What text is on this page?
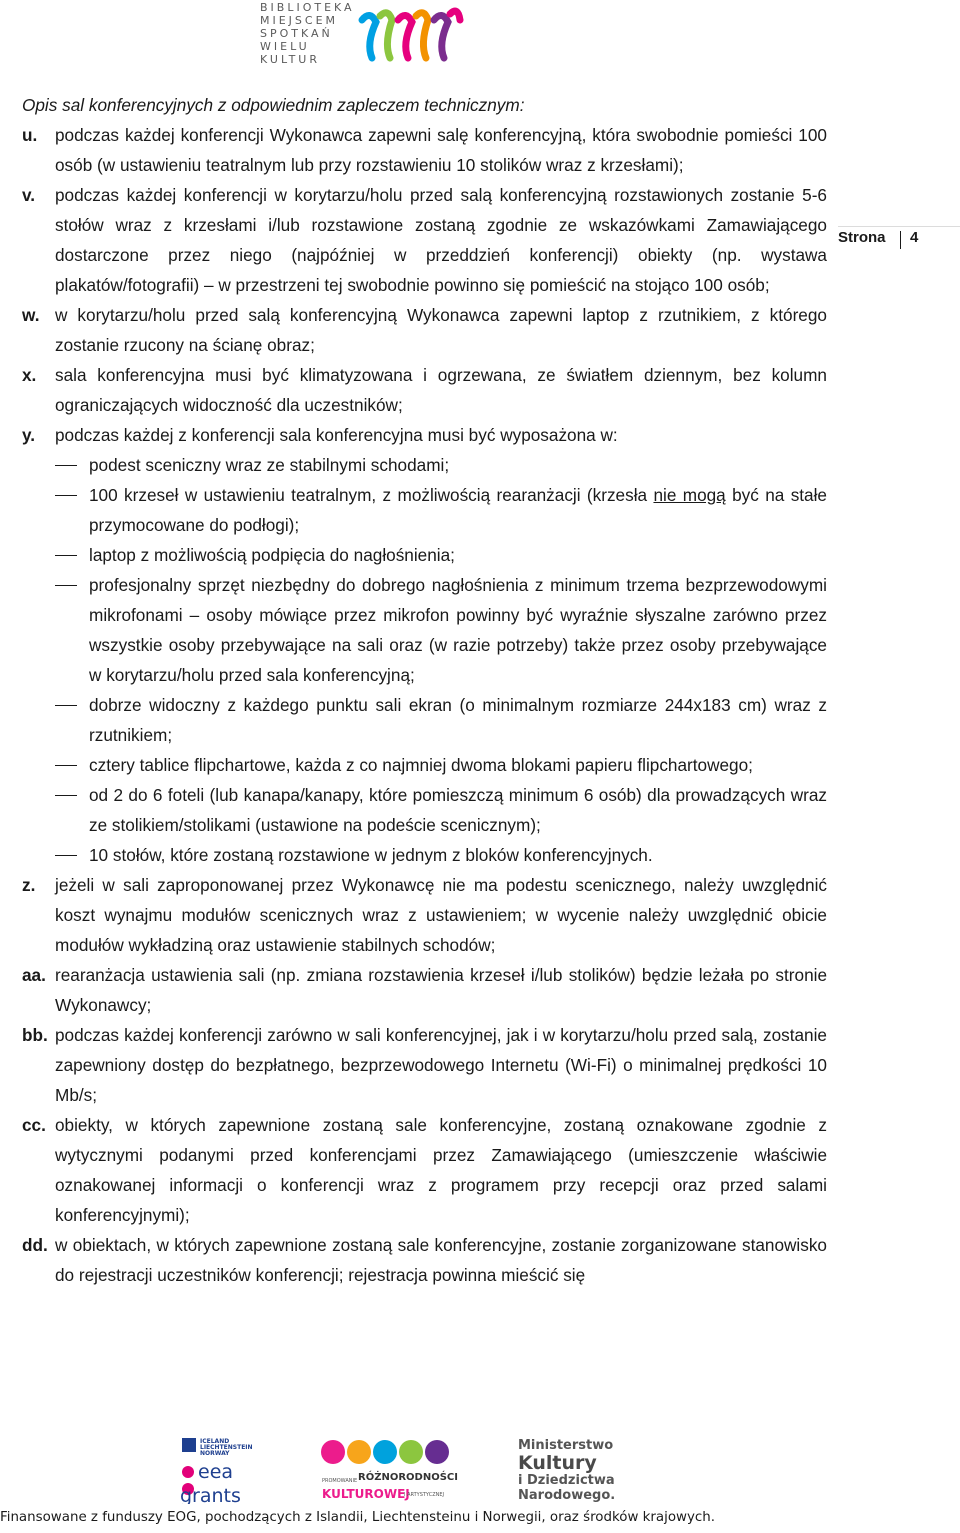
BIBLIOTEKA
MIEJSCEM
SPOTKAŃ
WIELU
KULTUR
Opis sal konferencyjnych z odpowiednim zapleczem technicznym:
u. podczas każdej konferencji Wykonawca zapewni salę konferencyjną, która swobodnie pomieści 100 osób (w ustawieniu teatralnym lub przy rozstawieniu 10 stolików wraz z krzesłami);
v. podczas każdej konferencji w korytarzu/holu przed salą konferencyjną rozstawionych zostanie 5-6 stołów wraz z krzesłami i/lub rozstawione zostaną zgodnie ze wskazówkami Zamawiającego dostarczone przez niego (najpóźniej w przeddzień konferencji) obiekty (np. wystawa plakatów/fotografii) – w przestrzeni tej swobodnie powinno się pomieścić na stojąco 100 osób;
w. w korytarzu/holu przed salą konferencyjną Wykonawca zapewni laptop z rzutnikiem, z którego zostanie rzucony na ścianę obraz;
x. sala konferencyjna musi być klimatyzowana i ogrzewana, ze światłem dziennym, bez kolumn ograniczających widoczność dla uczestników;
y. podczas każdej z konferencji sala konferencyjna musi być wyposażona w:
podest sceniczny wraz ze stabilnymi schodami;
100 krzeseł w ustawieniu teatralnym, z możliwością rearanżacji (krzesła nie mogą być na stałe przymocowane do podłogi);
laptop z możliwością podpięcia do nagłośnienia;
profesjonalny sprzęt niezbędny do dobrego nagłośnienia z minimum trzema bezprzewodowymi mikrofonami – osoby mówiące przez mikrofon powinny być wyraźnie słyszalne zarówno przez wszystkie osoby przebywające na sali oraz (w razie potrzeby) także przez osoby przebywające w korytarzu/holu przed sala konferencyjną;
dobrze widoczny z każdego punktu sali ekran (o minimalnym rozmiarze 244x183 cm) wraz z rzutnikiem;
cztery tablice flipchartowe, każda z co najmniej dwoma blokami papieru flipchartowego;
od 2 do 6 foteli (lub kanapa/kanapy, które pomieszczą minimum 6 osób) dla prowadzących wraz ze stolikiem/stolikami (ustawione na podeście scenicznym);
10 stołów, które zostaną rozstawione w jednym z bloków konferencyjnych.
z. jeżeli w sali zaproponowanej przez Wykonawcę nie ma podestu scenicznego, należy uwzględnić koszt wynajmu modułów scenicznych wraz z ustawieniem; w wycenie należy uwzględnić obicie modułów wykładziną oraz ustawienie stabilnych schodów;
aa. rearanżacja ustawienia sali (np. zmiana rozstawienia krzeseł i/lub stolików) będzie leżała po stronie Wykonawcy;
bb. podczas każdej konferencji zarówno w sali konferencyjnej, jak i w korytarzu/holu przed salą, zostanie zapewniony dostęp do bezpłatnego, bezprzewodowego Internetu (Wi-Fi) o minimalnej prędkości 10 Mb/s;
cc. obiekty, w których zapewnione zostaną sale konferencyjne, zostaną oznakowane zgodnie z wytycznymi podanymi przed konferencjami przez Zamawiającego (umieszczenie właściwie oznakowanej informacji o konferencji wraz z programem przy recepcji oraz przed salami konferencyjnymi);
dd. w obiektach, w których zapewnione zostaną sale konferencyjne, zostanie zorganizowane stanowisko do rejestracji uczestników konferencji; rejestracja powinna mieścić się
Strona 4
ICELAND
LIECHTENSTEIN
NORWAY
eea
grants
PROMOWANIE RÓŻNORODNOŚCI
KULTUROWEJ
I ARTYSTYCZNEJ
Ministerstwo
Kultury
i Dziedzictwa
Narodowego.
Finansowane z funduszy EOG, pochodzących z Islandii, Liechtensteinu i Norwegii, oraz środków krajowych.
